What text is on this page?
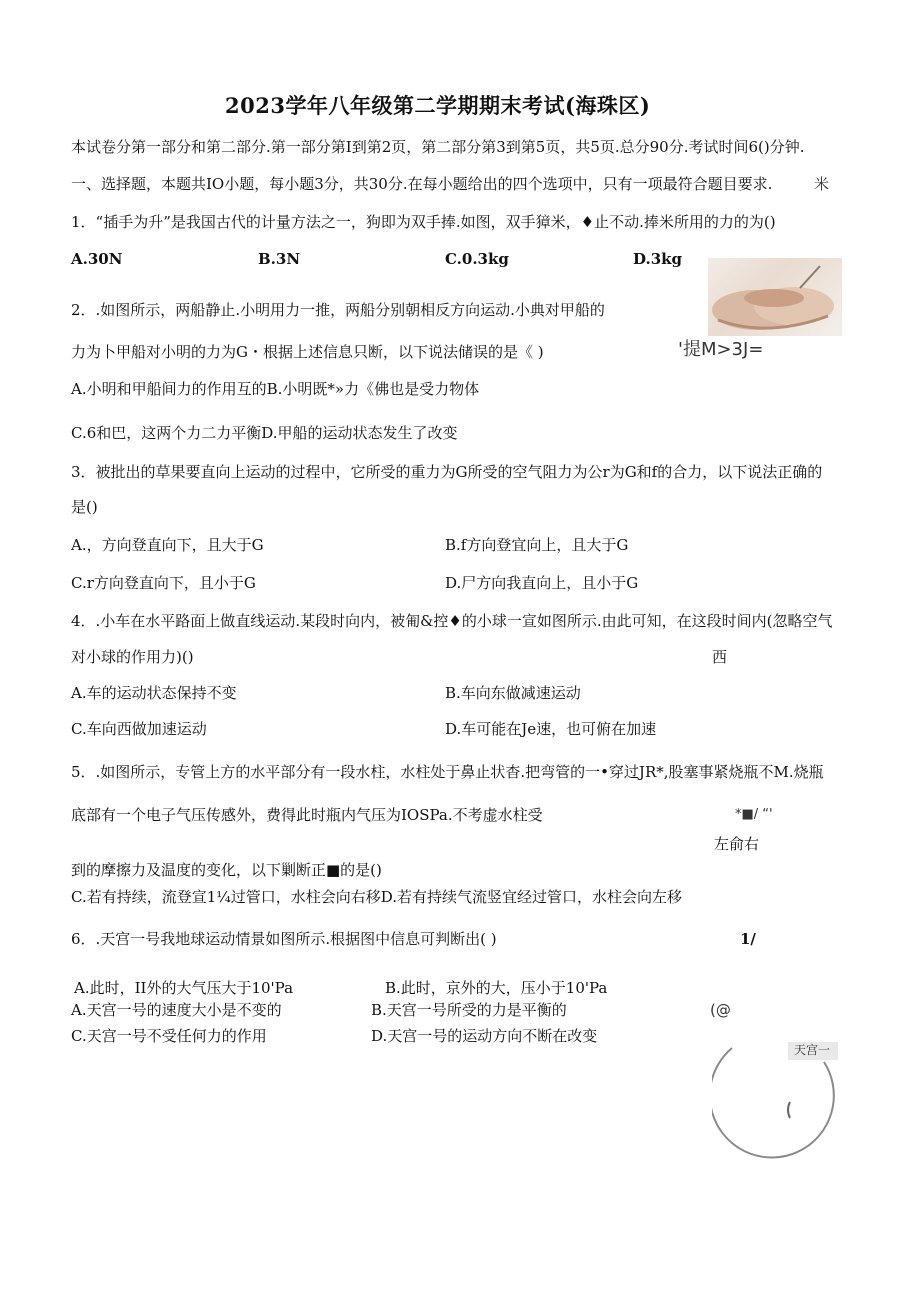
2023学年八年级第二学期期末考试(海珠区)
本试卷分第一部分和第二部分.第一部分第I到第2页，第二部分第3到第5页，共5页.总分90分.考试时间6()分钟.
一、选择题，本题共IO小题，每小题3分，共30分.在每小题给出的四个选项中，只有一项最符合题目要求.	米
1．“插手为升”是我国古代的计量方法之一，狗即为双手捧.如图，双手獐米，♦止不动.捧米所用的力的为()
A.30N	B.3N	C.0.3kg	D.3kg
2．.如图所示，两船静止.小明用力一推，两船分别朝相反方向运动.小典对甲船的
力为卜甲船对小明的力为G・根据上述信息只断，以下说法储误的是《 )	'提M>3J=
A.小明和甲船间力的作用互的B.小明既*»力《佛也是受力物体
C.6和巴，这两个力二力平衡D.甲船的运动状态发生了改变
3．被批出的草果要直向上运动的过程中，它所受的重力为G所受的空气阻力为公r为G和f的合力，以下说法正确的
是()
A.，方向登直向下，且大于G	B.f方向登宜向上，且大于G
C.r方向登直向下，且小于G	D.尸方向我直向上，且小于G
4．.小车在水平路面上做直线运动.某段时向内，被匍&控♦的小球一宣如图所示.由此可知，在这段时间内(忽略空气
对小球的作用力)()	西
A.车的运动状态保持不变	B.车向东做减速运动
C.车向西做加速运动	D.车可能在Je速，也可俯在加速
5．.如图所示，专管上方的水平部分有一段水柱，水柱处于鼻止状杳.把弯管的一•穿过JR*,股塞事紧烧瓶不M.烧瓶
底部有一个电子气压传感外，费得此时瓶内气压为IOSPa.不考虚水柱受	*■/ “'
左俞右
到的摩擦力及温度的变化，以下剿断正■的是()
C.若有持续，流登宣1¼过管口，水柱会向右移D.若有持续气流竖宜经过管口，水柱会向左移
6．.天宫一号我地球运动情景如图所示.根据图中信息可判断出( )	1/
A.此时，II外的大气压大于10'Pa	B.此时，京外的大，压小于10'Pa
A.天宫一号的速度大小是不变的	B.天宫一号所受的力是平衡的	(@
C.天宫一号不受任何力的作用	D.天宫一号的运动方向不断在改变
天宫一
